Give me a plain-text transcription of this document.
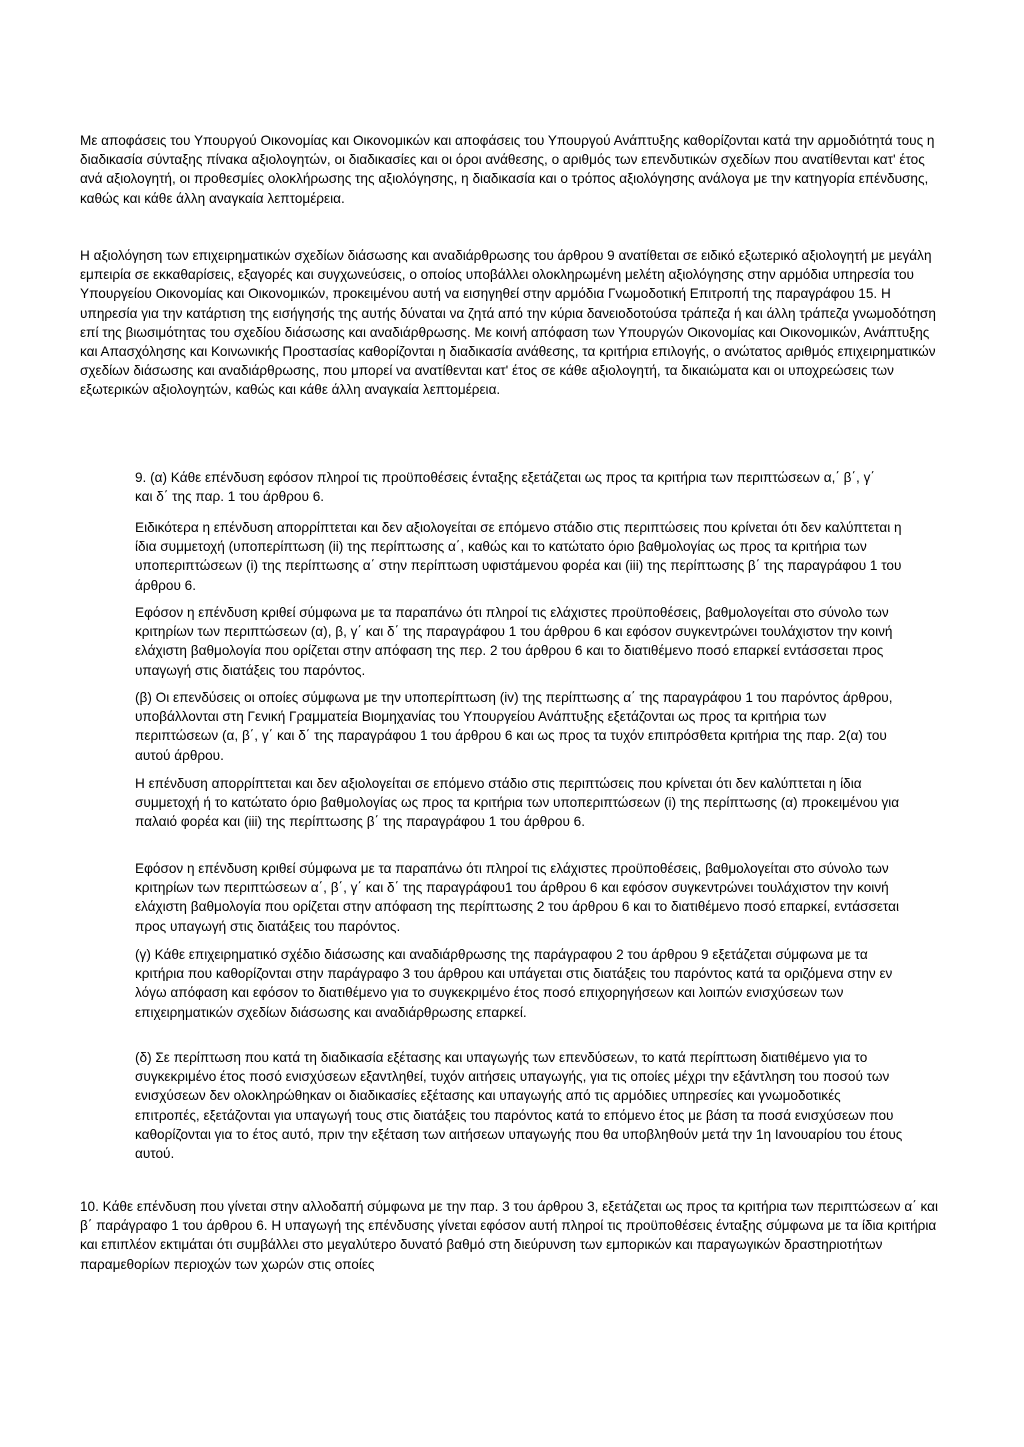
Με αποφάσεις του Υπουργού Οικονομίας και Οικονομικών και αποφάσεις του Υπουργού Ανάπτυξης καθορίζονται κατά την αρμοδιότητά τους η διαδικασία σύνταξης πίνακα αξιολογητών, οι διαδικασίες και οι όροι ανάθεσης, ο αριθμός των επενδυτικών σχεδίων που ανατίθενται κατ' έτος ανά αξιολογητή, οι προθεσμίες ολοκλήρωσης της αξιολόγησης, η διαδικασία και ο τρόπος αξιολόγησης ανάλογα με την κατηγορία επένδυσης, καθώς και κάθε άλλη αναγκαία λεπτομέρεια.

Η αξιολόγηση των επιχειρηματικών σχεδίων διάσωσης και αναδιάρθρωσης του άρθρου 9 ανατίθεται σε ειδικό εξωτερικό αξιολογητή με μεγάλη εμπειρία σε εκκαθαρίσεις, εξαγορές και συγχωνεύσεις, ο οποίος υποβάλλει ολοκληρωμένη μελέτη αξιολόγησης στην αρμόδια υπηρεσία του Υπουργείου Οικονομίας και Οικονομικών, προκειμένου αυτή να εισηγηθεί στην αρμόδια Γνωμοδοτική Επιτροπή της παραγράφου 15. Η υπηρεσία για την κατάρτιση της εισήγησής της αυτής δύναται να ζητά από την κύρια δανειοδοτούσα τράπεζα ή και άλλη τράπεζα γνωμοδότηση επί της βιωσιμότητας του σχεδίου διάσωσης και αναδιάρθρωσης. Με κοινή απόφαση των Υπουργών Οικονομίας και Οικονομικών, Ανάπτυξης και Απασχόλησης και Κοινωνικής Προστασίας καθορίζονται η διαδικασία ανάθεσης, τα κριτήρια επιλογής, ο ανώτατος αριθμός επιχειρηματικών σχεδίων διάσωσης και αναδιάρθρωσης, που μπορεί να ανατίθενται κατ' έτος σε κάθε αξιολογητή, τα δικαιώματα και οι υποχρεώσεις των εξωτερικών αξιολογητών, καθώς και κάθε άλλη αναγκαία λεπτομέρεια.

9. (α) Κάθε επένδυση εφόσον πληροί τις προϋποθέσεις ένταξης εξετάζεται ως προς τα κριτήρια των περιπτώσεων α,΄ β΄, γ΄ και δ΄ της παρ. 1 του άρθρου 6.

Ειδικότερα η επένδυση απορρίπτεται και δεν αξιολογείται σε επόμενο στάδιο στις περιπτώσεις που κρίνεται ότι δεν καλύπτεται η ίδια συμμετοχή (υποπερίπτωση (ii) της περίπτωσης α΄, καθώς και το κατώτατο όριο βαθμολογίας ως προς τα κριτήρια των υποπεριπτώσεων (i) της περίπτωσης α΄ στην περίπτωση υφιστάμενου φορέα και (iii) της περίπτωσης β΄ της παραγράφου 1 του άρθρου 6.

Εφόσον η επένδυση κριθεί σύμφωνα με τα παραπάνω ότι πληροί τις ελάχιστες προϋποθέσεις, βαθμολογείται στο σύνολο των κριτηρίων των περιπτώσεων (α), β, γ΄ και δ΄ της παραγράφου 1 του άρθρου 6 και εφόσον συγκεντρώνει τουλάχιστον την κοινή ελάχιστη βαθμολογία που ορίζεται στην απόφαση της περ. 2 του άρθρου 6 και το διατιθέμενο ποσό επαρκεί εντάσσεται προς υπαγωγή στις διατάξεις του παρόντος.

(β) Οι επενδύσεις οι οποίες σύμφωνα με την υποπερίπτωση (iv) της περίπτωσης α΄ της παραγράφου 1 του παρόντος άρθρου, υποβάλλονται στη Γενική Γραμματεία Βιομηχανίας του Υπουργείου Ανάπτυξης εξετάζονται ως προς τα κριτήρια των περιπτώσεων (α, β΄, γ΄ και δ΄ της παραγράφου 1 του άρθρου 6 και ως προς τα τυχόν επιπρόσθετα κριτήρια της παρ. 2(α) του αυτού άρθρου.

Η επένδυση απορρίπτεται και δεν αξιολογείται σε επόμενο στάδιο στις περιπτώσεις που κρίνεται ότι δεν καλύπτεται η ίδια συμμετοχή ή το κατώτατο όριο βαθμολογίας ως προς τα κριτήρια των υποπεριπτώσεων (i) της περίπτωσης (α) προκειμένου για παλαιό φορέα και (iii) της περίπτωσης β΄ της παραγράφου 1 του άρθρου 6.

Εφόσον η επένδυση κριθεί σύμφωνα με τα παραπάνω ότι πληροί τις ελάχιστες προϋποθέσεις, βαθμολογείται στο σύνολο των κριτηρίων των περιπτώσεων α΄, β΄, γ΄ και δ΄ της παραγράφου1 του άρθρου 6 και εφόσον συγκεντρώνει τουλάχιστον την κοινή ελάχιστη βαθμολογία που ορίζεται στην απόφαση της περίπτωσης 2 του άρθρου 6 και το διατιθέμενο ποσό επαρκεί, εντάσσεται προς υπαγωγή στις διατάξεις του παρόντος.

(γ) Κάθε επιχειρηματικό σχέδιο διάσωσης και αναδιάρθρωσης της παράγραφου 2 του άρθρου 9 εξετάζεται σύμφωνα με τα κριτήρια που καθορίζονται στην παράγραφο 3 του άρθρου και υπάγεται στις διατάξεις του παρόντος κατά τα οριζόμενα στην εν λόγω απόφαση και εφόσον το διατιθέμενο για το συγκεκριμένο έτος ποσό επιχορηγήσεων και λοιπών ενισχύσεων των επιχειρηματικών σχεδίων διάσωσης και αναδιάρθρωσης επαρκεί.

(δ) Σε περίπτωση που κατά τη διαδικασία εξέτασης και υπαγωγής των επενδύσεων, το κατά περίπτωση διατιθέμενο για το συγκεκριμένο έτος ποσό ενισχύσεων εξαντληθεί, τυχόν αιτήσεις υπαγωγής, για τις οποίες μέχρι την εξάντληση του ποσού των ενισχύσεων δεν ολοκληρώθηκαν οι διαδικασίες εξέτασης και υπαγωγής από τις αρμόδιες υπηρεσίες και γνωμοδοτικές επιτροπές, εξετάζονται για υπαγωγή τους στις διατάξεις του παρόντος κατά το επόμενο έτος με βάση τα ποσά ενισχύσεων που καθορίζονται για το έτος αυτό, πριν την εξέταση των αιτήσεων υπαγωγής που θα υποβληθούν μετά την 1η Ιανουαρίου του έτους αυτού.

10. Κάθε επένδυση που γίνεται στην αλλοδαπή σύμφωνα με την παρ. 3 του άρθρου 3, εξετάζεται ως προς τα κριτήρια των περιπτώσεων α΄ και β΄ παράγραφο 1 του άρθρου 6. Η υπαγωγή της επένδυσης γίνεται εφόσον αυτή πληροί τις προϋποθέσεις ένταξης σύμφωνα με τα ίδια κριτήρια και επιπλέον εκτιμάται ότι συμβάλλει στο μεγαλύτερο δυνατό βαθμό στη διεύρυνση των εμπορικών και παραγωγικών δραστηριοτήτων παραμεθορίων περιοχών των χωρών στις οποίες
